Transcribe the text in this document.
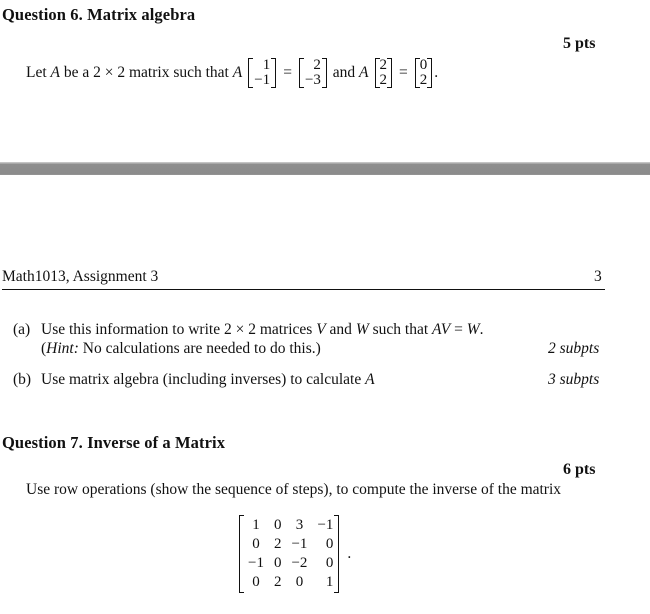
Question 6. Matrix algebra
5 pts
Let
A be a 2 × 2 matrix such that A 1
−1 = 2
−3 and A 2
2 = 0
2 .
Math1013, Assignment 3	3
(a) Use this information to write 2 × 2 matrices V and W such that AV = W.
(Hint: No calculations are needed to do this.)	2 subpts
(b) Use matrix algebra (including inverses) to calculate A	3 subpts
Question 7. Inverse of a Matrix
6 pts
Use row operations (show the sequence of steps), to compute the inverse of the matrix
1	0	3	−1
0	2	−1	0
−1	0	−2	0
0	2	0	1
.
